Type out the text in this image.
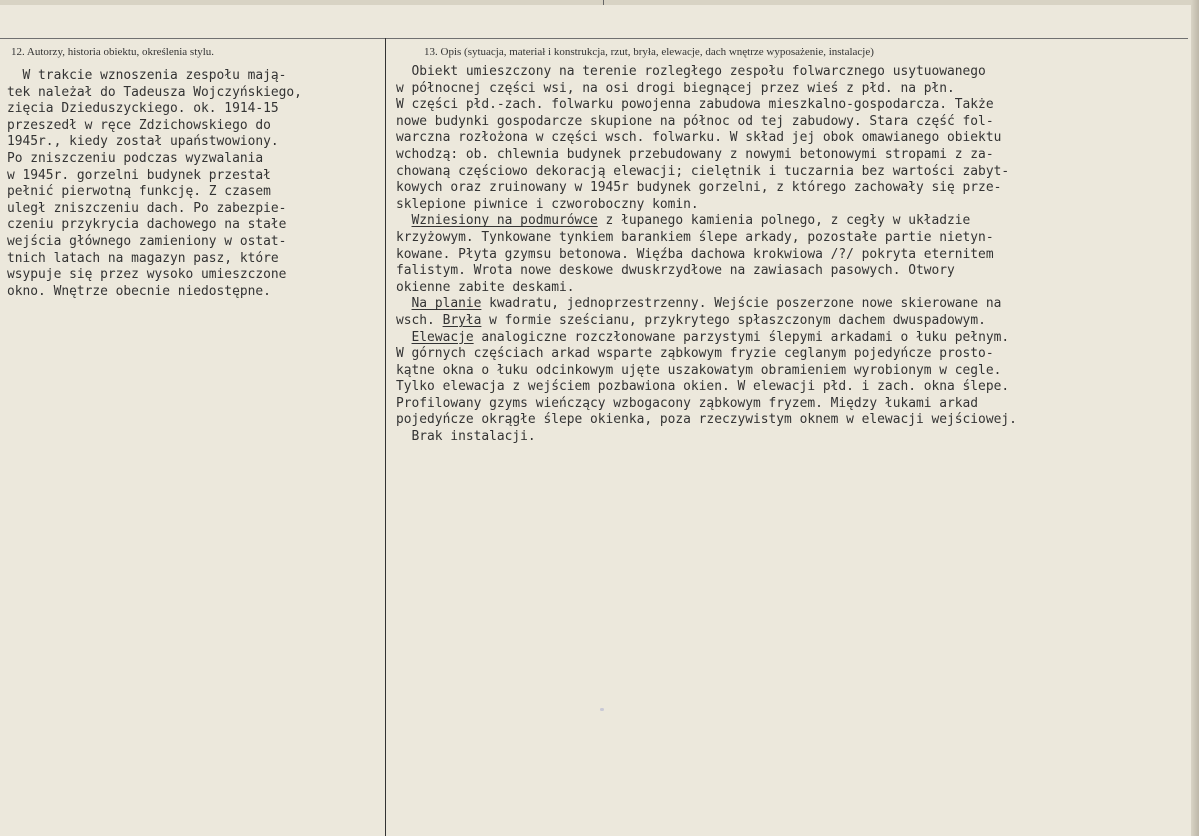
12. Autorzy, historia obiektu, określenia stylu.	13. Opis (sytuacja, materiał i konstrukcja, rzut, bryła, elewacje, dach wnętrze wyposażenie, instalacje)
W trakcie wznoszenia zespołu mają-
tek należał do Tadeusza Wojczyńskiego,
zięcia Dzieduszyckiego. ok. 1914-15
przeszedł w ręce Zdzichowskiego do
1945r., kiedy został upaństwowiony.
Po zniszczeniu podczas wyzwalania
w 1945r. gorzelni budynek przestał
pełnić pierwotną funkcję. Z czasem
uległ zniszczeniu dach. Po zabezpie-
czeniu przykrycia dachowego na stałe
wejścia głównego zamieniony w ostat-
tnich latach na magazyn pasz, które
wsypuje się przez wysoko umieszczone
okno. Wnętrze obecnie niedostępne.
Obiekt umieszczony na terenie rozległego zespołu folwarcznego usytuowanego
w północnej części wsi, na osi drogi biegnącej przez wieś z płd. na płn.
W części płd.-zach. folwarku powojenna zabudowa mieszkalno-gospodarcza. Także
nowe budynki gospodarcze skupione na północ od tej zabudowy. Stara część fol-
warczna rozłożona w części wsch. folwarku. W skład jej obok omawianego obiektu
wchodzą: ob. chlewnia budynek przebudowany z nowymi betonowymi stropami z za-
chowaną częściowo dekoracją elewacji; cielętnik i tuczarnia bez wartości zabyt-
kowych oraz zruinowany w 1945r budynek gorzelni, z którego zachowały się prze-
sklepione piwnice i czworoboczny komin.
Wzniesiony na podmurówce z łupanego kamienia polnego, z cegły w układzie
krzyżowym. Tynkowane tynkiem barankiem ślepe arkady, pozostałe partie nietyn-
kowane. Płyta gzymsu betonowa. Więźba dachowa krokwiowa /?/ pokryta eternitem
falistym. Wrota nowe deskowe dwuskrzydłowe na zawiasach pasowych. Otwory
okienne zabite deskami.
Na planie kwadratu, jednoprzestrzenny. Wejście poszerzone nowe skierowane na
wsch. Bryła w formie sześcianu, przykrytego spłaszczonym dachem dwuspadowym.
Elewacje analogiczne rozczłonowane parzystymi ślepymi arkadami o łuku pełnym.
W górnych częściach arkad wsparte ząbkowym fryzie ceglanym pojedyńcze prosto-
kątne okna o łuku odcinkowym ujęte uszakowatym obramieniem wyrobionym w cegle.
Tylko elewacja z wejściem pozbawiona okien. W elewacji płd. i zach. okna ślepe.
Profilowany gzyms wieńczący wzbogacony ząbkowym fryzem. Między łukami arkad
pojedyńcze okrągłe ślepe okienka, poza rzeczywistym oknem w elewacji wejściowej.
Brak instalacji.
